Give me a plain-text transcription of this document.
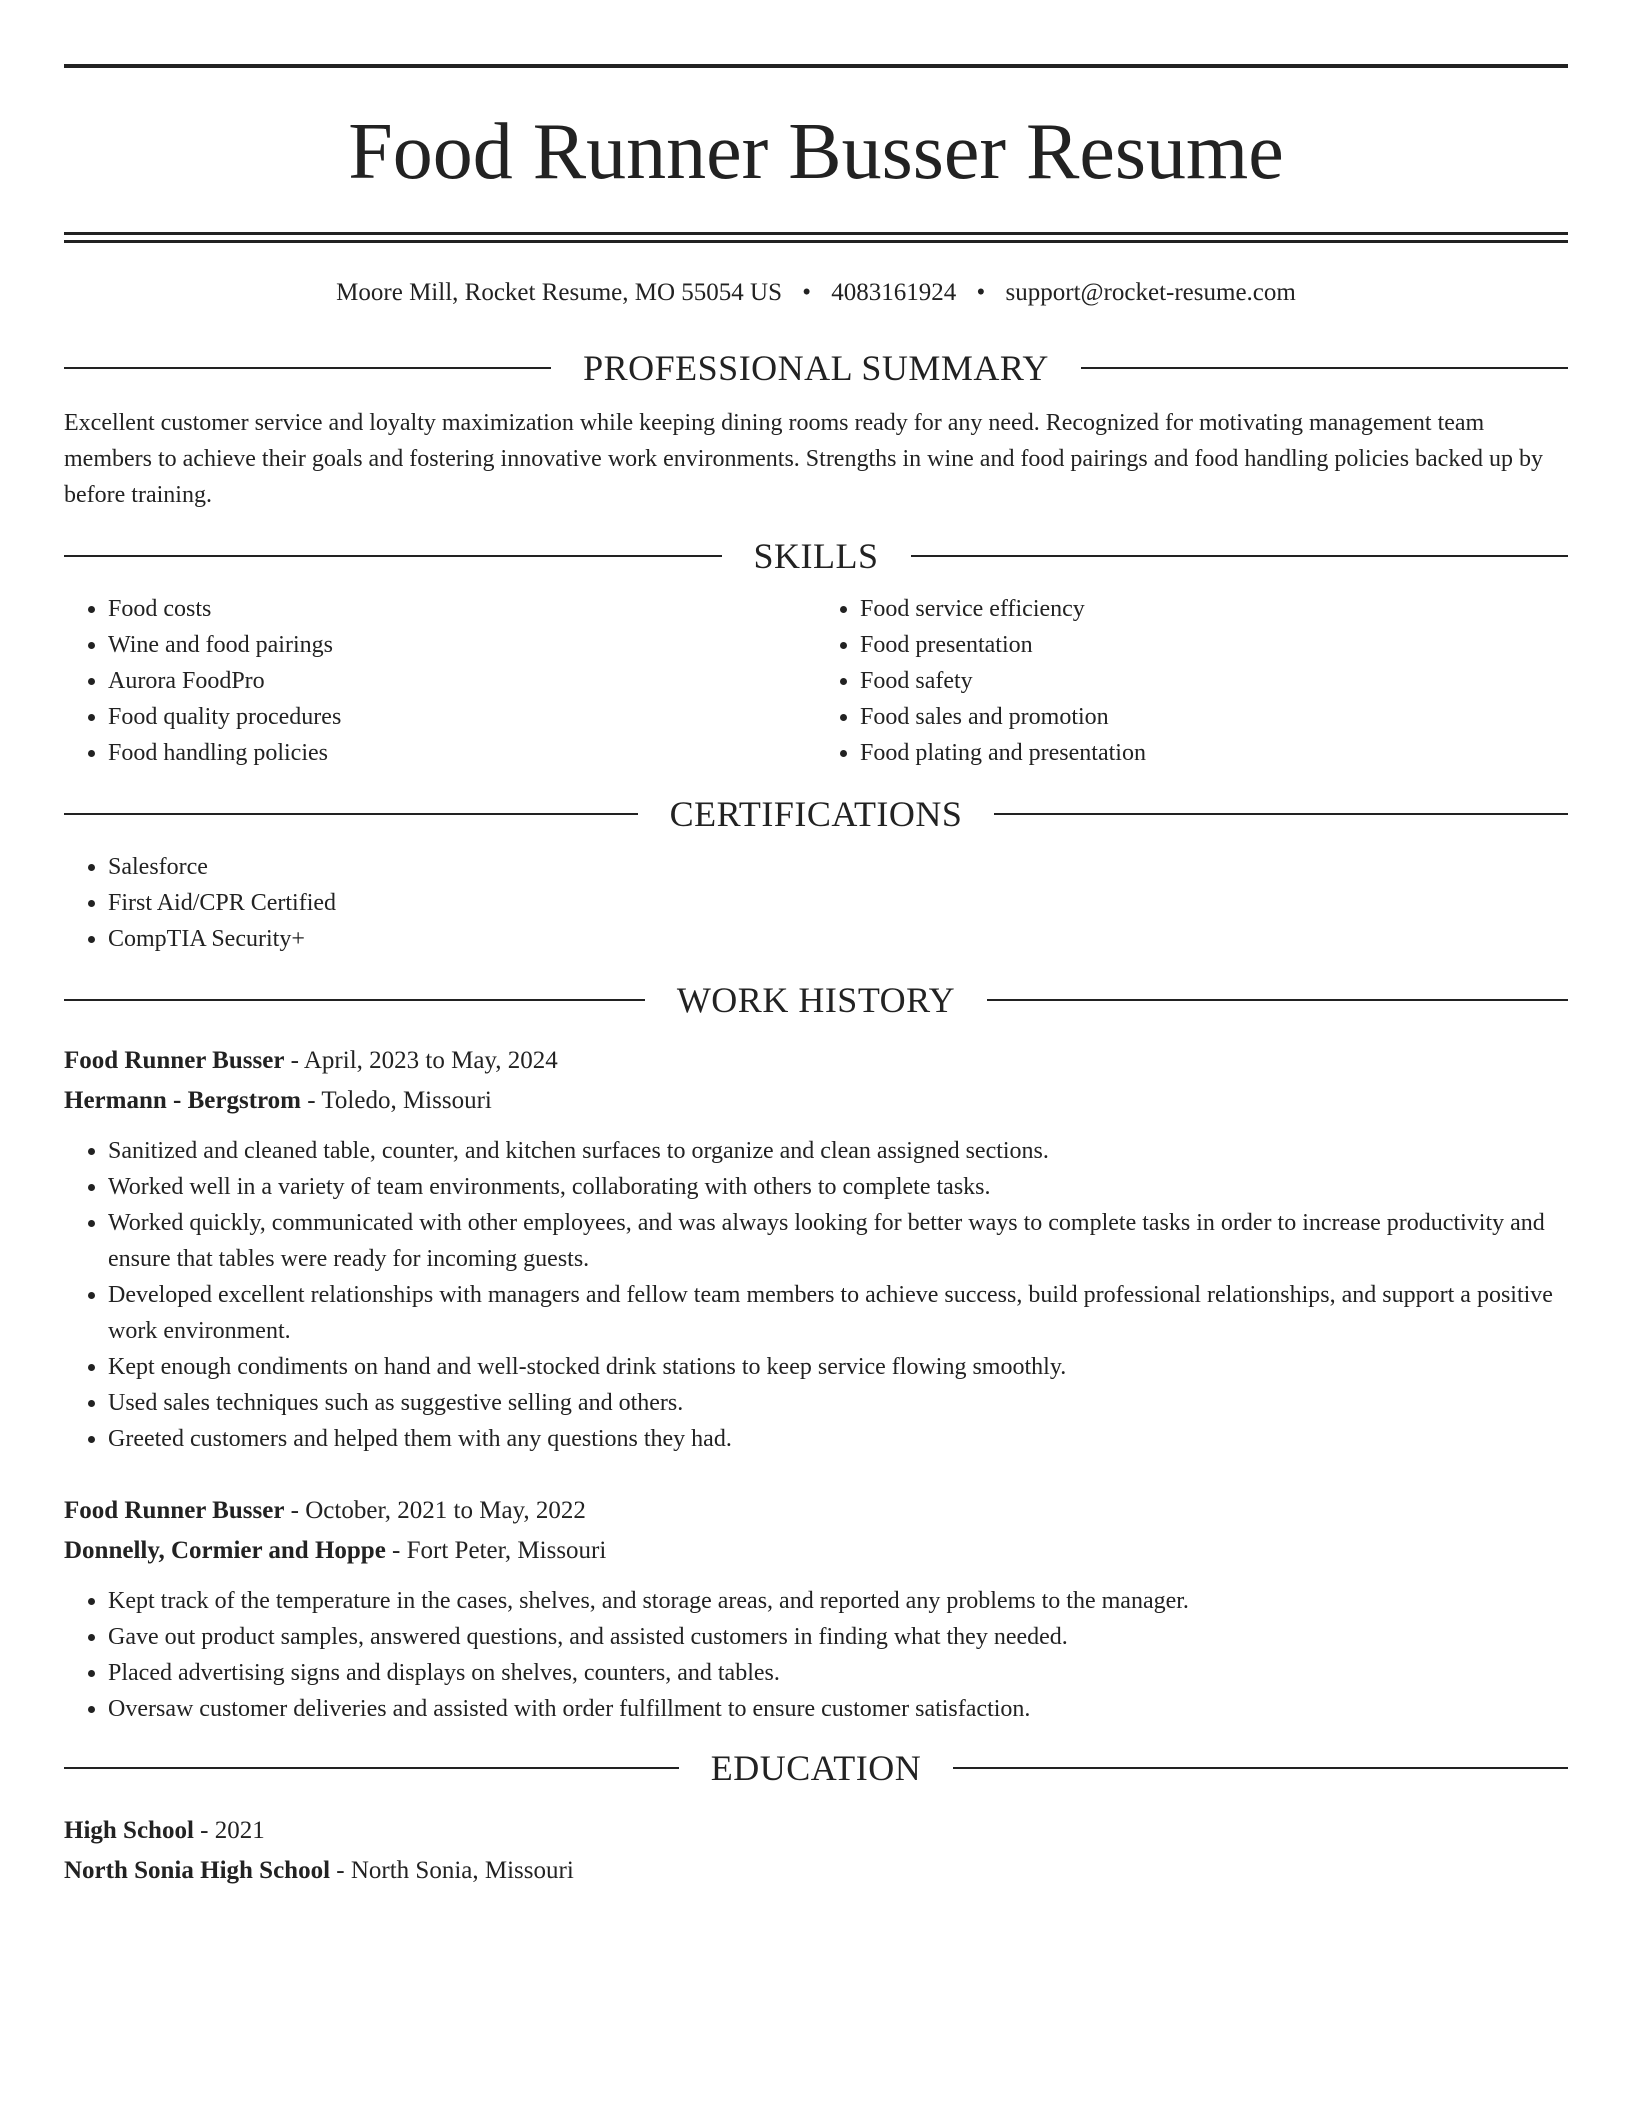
Food Runner Busser Resume
Moore Mill, Rocket Resume, MO 55054 US • 4083161924 • support@rocket-resume.com
PROFESSIONAL SUMMARY

Excellent customer service and loyalty maximization while keeping dining rooms ready for any need. Recognized for motivating management team members to achieve their goals and fostering innovative work environments. Strengths in wine and food pairings and food handling policies backed up by before training.

SKILLS
• Food costs
• Wine and food pairings
• Aurora FoodPro
• Food quality procedures
• Food handling policies
• Food service efficiency
• Food presentation
• Food safety
• Food sales and promotion
• Food plating and presentation
CERTIFICATIONS
• Salesforce
• First Aid/CPR Certified
• CompTIA Security+
WORK HISTORY
Food Runner Busser - April, 2023 to May, 2024
Hermann - Bergstrom - Toledo, Missouri
• Sanitized and cleaned table, counter, and kitchen surfaces to organize and clean assigned sections.
• Worked well in a variety of team environments, collaborating with others to complete tasks.
• Worked quickly, communicated with other employees, and was always looking for better ways to complete tasks in order to increase productivity and ensure that tables were ready for incoming guests.
• Developed excellent relationships with managers and fellow team members to achieve success, build professional relationships, and support a positive work environment.
• Kept enough condiments on hand and well-stocked drink stations to keep service flowing smoothly.
• Used sales techniques such as suggestive selling and others.
• Greeted customers and helped them with any questions they had.
Food Runner Busser - October, 2021 to May, 2022
Donnelly, Cormier and Hoppe - Fort Peter, Missouri
• Kept track of the temperature in the cases, shelves, and storage areas, and reported any problems to the manager.
• Gave out product samples, answered questions, and assisted customers in finding what they needed.
• Placed advertising signs and displays on shelves, counters, and tables.
• Oversaw customer deliveries and assisted with order fulfillment to ensure customer satisfaction.
EDUCATION
High School - 2021
North Sonia High School - North Sonia, Missouri
